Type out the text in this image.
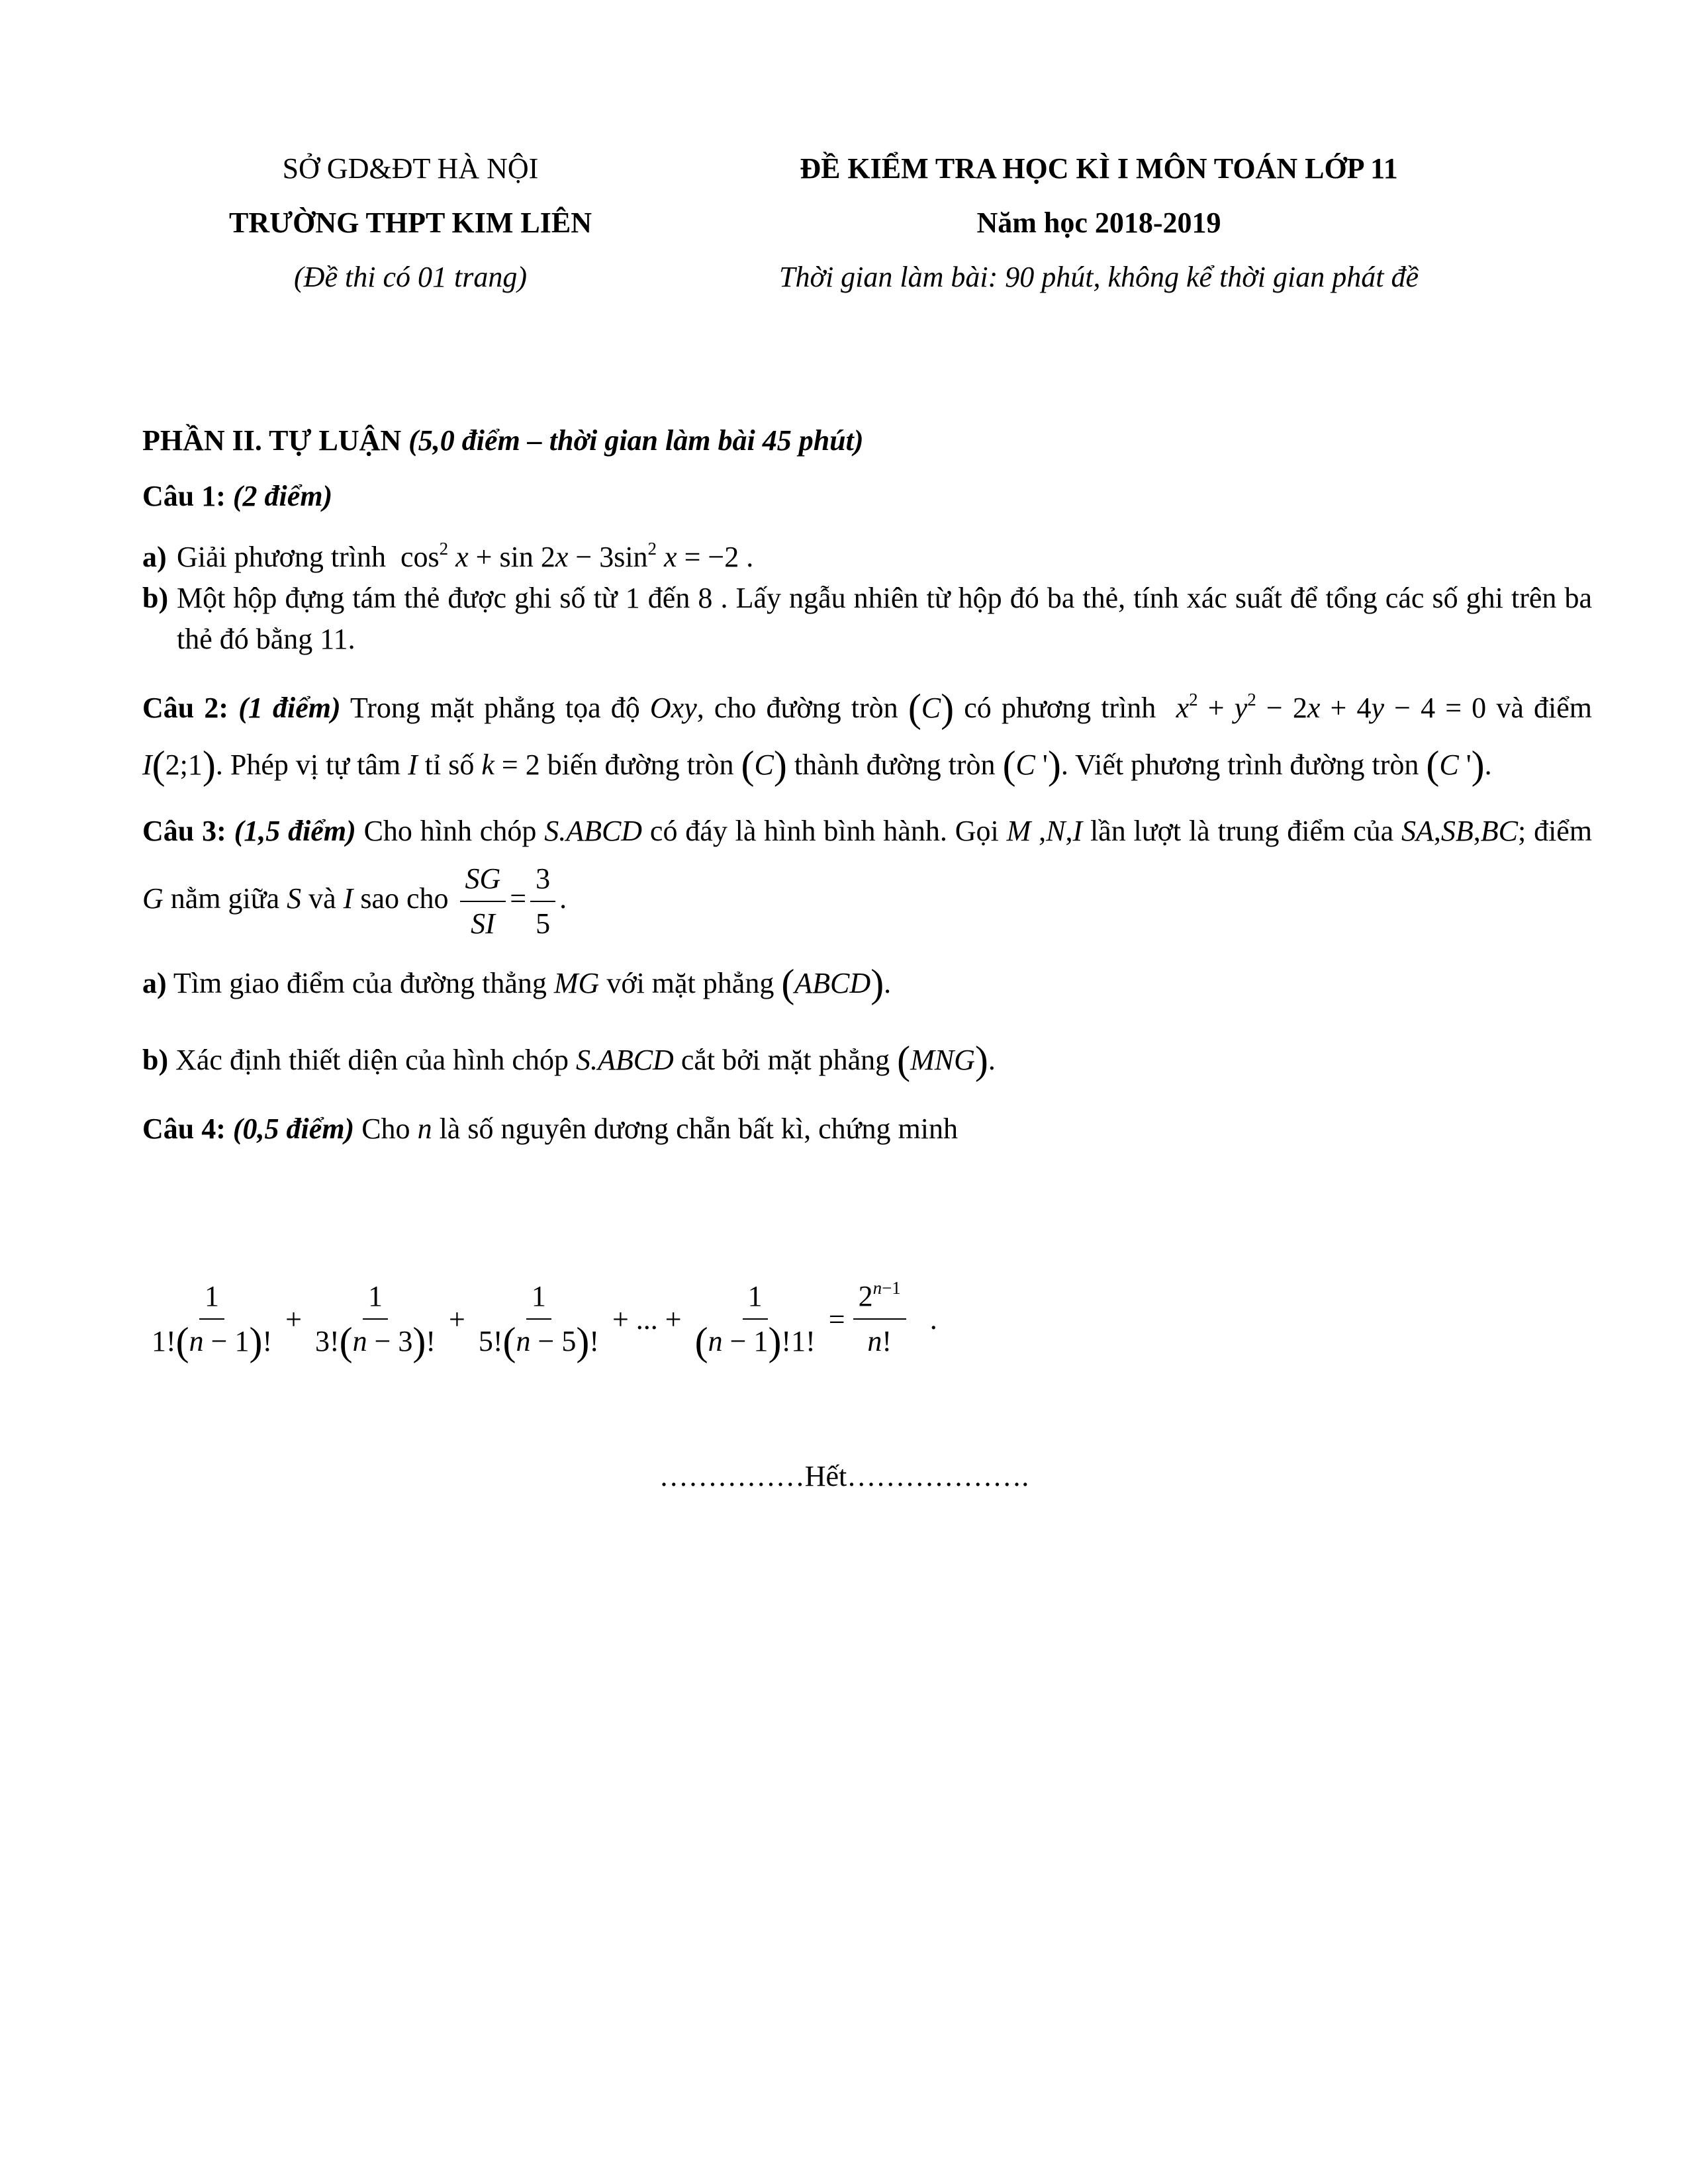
SỞ GD&ĐT HÀ NỘI
TRƯỜNG THPT KIM LIÊN
(Đề thi có 01 trang)
ĐỀ KIỂM TRA HỌC KÌ I MÔN TOÁN LỚP 11
Năm học 2018-2019
Thời gian làm bài: 90 phút, không kể thời gian phát đề

PHẦN II. TỰ LUẬN (5,0 điểm – thời gian làm bài 45 phút)

Câu 1: (2 điểm)

a) Giải phương trình  $\cos^2 x + \sin 2x - 3\sin^2$ x = −2 .
b) Một hộp đựng tám thẻ được ghi số từ 1 đến 8 . Lấy ngẫu nhiên từ hộp đó ba thẻ, tính xác suất để tổng các số ghi trên ba thẻ đó bằng 11.

Câu 2: (1 điểm) Trong mặt phẳng tọa độ Oxy, cho đường tròn (C) có phương trình $x^2 + y^2 - 2x + 4y - 4 = 0$ và điểm I(2;1). Phép vị tự tâm I tỉ số k = 2 biến đường tròn (C) thành đường tròn (C '). Viết phương trình đường tròn (C ').

Câu 3: (1,5 điểm) Cho hình chóp S.ABCD có đáy là hình bình hành. Gọi M ,N,I lần lượt là trung điểm của SA,SB,BC; điểm G nằm giữa S và I sao cho $\frac{SG}{SI} = \frac{3}{5}$ .

a) Tìm giao điểm của đường thẳng MG với mặt phẳng (ABCD).

b) Xác định thiết diện của hình chóp S.ABCD cắt bởi mặt phẳng (MNG).

Câu 4: (0,5 điểm) Cho n là số nguyên dương chẵn bất kì, chứng minh

$\frac{1}{1!(n - 1)!} + \frac{1}{3!(n - 3)!} + \frac{1}{5!(n - 5)!}$ + ... + $\frac{1}{(n - 1)!1!} = \frac{2^{n-1}}{n!}$ .
……………Hết……………….
